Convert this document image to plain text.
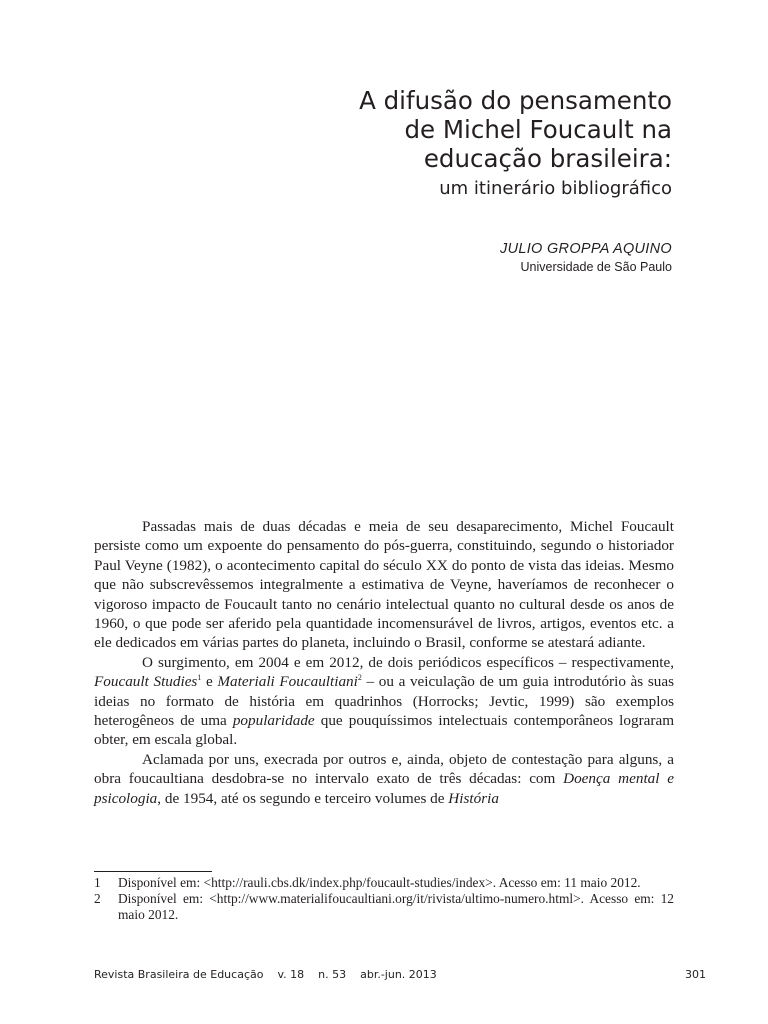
A difusão do pensamento
de Michel Foucault na
educação brasileira:
um itinerário bibliográfico
JULIO GROPPA AQUINO
Universidade de São Paulo

Passadas mais de duas décadas e meia de seu desaparecimento, Michel Foucault persiste como um expoente do pensamento do pós-guerra, constituindo, segundo o historiador Paul Veyne (1982), o acontecimento capital do século XX do ponto de vista das ideias. Mesmo que não subscrevêssemos integralmente a estimativa de Veyne, haveríamos de reconhecer o vigoroso impacto de Foucault tanto no cenário intelectual quanto no cultural desde os anos de 1960, o que pode ser aferido pela quantidade incomensurável de livros, artigos, eventos etc. a ele dedicados em várias partes do planeta, incluindo o Brasil, conforme se atestará adiante.

O surgimento, em 2004 e em 2012, de dois periódicos específicos – respectivamente, Foucault Studies$^1$ e Materiali Foucaultiani$^2$ – ou a veiculação de um guia introdutório às suas ideias no formato de história em quadrinhos (Horrocks; Jevtic, 1999) são exemplos heterogêneos de uma popularidade que pouquíssimos intelectuais contemporâneos lograram obter, em escala global.

Aclamada por uns, execrada por outros e, ainda, objeto de contestação para alguns, a obra foucaultiana desdobra-se no intervalo exato de três décadas: com Doença mental e psicologia, de 1954, até os segundo e terceiro volumes de História

1	Disponível em: <http://rauli.cbs.dk/index.php/foucault-studies/index>. Acesso em: 11 maio 2012.
2	Disponível em: <http://www.materialifoucaultiani.org/it/rivista/ultimo-numero.html>. Acesso em: 12 maio 2012.
Revista Brasileira de Educação v. 18 n. 53 abr.-jun. 2013	301
